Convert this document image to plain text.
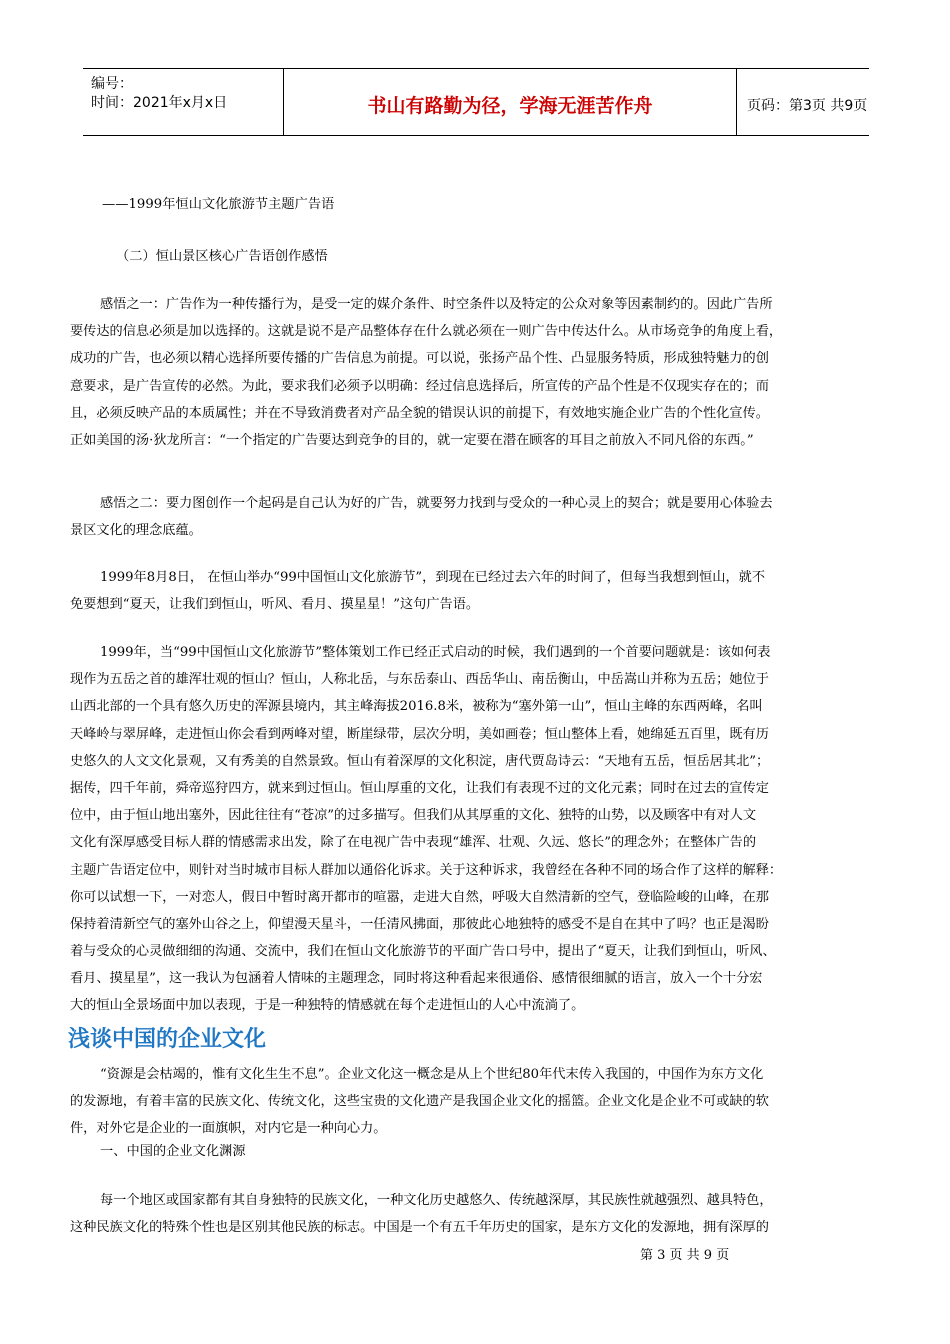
编号：
时间：2021年x月x日	书山有路勤为径，学海无涯苦作舟	页码：第3页 共9页
——1999年恒山文化旅游节主题广告语
（二）恒山景区核心广告语创作感悟
感悟之一：广告作为一种传播行为，是受一定的媒介条件、时空条件以及特定的公众对象等因素制约的。因此广告所
要传达的信息必须是加以选择的。这就是说不是产品整体存在什么就必须在一则广告中传达什么。从市场竞争的角度上看，
成功的广告，也必须以精心选择所要传播的广告信息为前提。可以说，张扬产品个性、凸显服务特质，形成独特魅力的创
意要求，是广告宣传的必然。为此，要求我们必须予以明确：经过信息选择后，所宣传的产品个性是不仅现实存在的；而
且，必须反映产品的本质属性；并在不导致消费者对产品全貌的错误认识的前提下，有效地实施企业广告的个性化宣传。
正如美国的汤·狄龙所言：“一个指定的广告要达到竞争的目的，就一定要在潜在顾客的耳目之前放入不同凡俗的东西。”
感悟之二：要力图创作一个起码是自己认为好的广告，就要努力找到与受众的一种心灵上的契合；就是要用心体验去
景区文化的理念底蕴。
1999年8月8日， 在恒山举办“99中国恒山文化旅游节”，到现在已经过去六年的时间了，但每当我想到恒山，就不
免要想到“夏天，让我们到恒山，听风、看月、摸星星！”这句广告语。
1999年，当“99中国恒山文化旅游节”整体策划工作已经正式启动的时候，我们遇到的一个首要问题就是：该如何表
现作为五岳之首的雄浑壮观的恒山？恒山，人称北岳，与东岳泰山、西岳华山、南岳衡山，中岳嵩山并称为五岳；她位于
山西北部的一个具有悠久历史的浑源县境内，其主峰海拔2016.8米，被称为“塞外第一山”，恒山主峰的东西两峰，名叫
天峰岭与翠屏峰，走进恒山你会看到两峰对望，断崖绿带，层次分明，美如画卷；恒山整体上看，她绵延五百里，既有历
史悠久的人文文化景观，又有秀美的自然景致。恒山有着深厚的文化积淀，唐代贾岛诗云：“天地有五岳，恒岳居其北”；
据传，四千年前，舜帝巡狩四方，就来到过恒山。恒山厚重的文化，让我们有表现不过的文化元素；同时在过去的宣传定
位中，由于恒山地出塞外，因此往往有“苍凉”的过多描写。但我们从其厚重的文化、独特的山势，以及顾客中有对人文
文化有深厚感受目标人群的情感需求出发，除了在电视广告中表现“雄浑、壮观、久远、悠长”的理念外；在整体广告的
主题广告语定位中，则针对当时城市目标人群加以通俗化诉求。关于这种诉求，我曾经在各种不同的场合作了这样的解释：
你可以试想一下，一对恋人，假日中暂时离开都市的喧嚣，走进大自然，呼吸大自然清新的空气，登临险峻的山峰，在那
保持着清新空气的塞外山谷之上，仰望漫天星斗，一任清风拂面，那彼此心地独特的感受不是自在其中了吗？也正是渴盼
着与受众的心灵做细细的沟通、交流中，我们在恒山文化旅游节的平面广告口号中，提出了“夏天，让我们到恒山，听风、
看月、摸星星”，这一我认为包涵着人情味的主题理念，同时将这种看起来很通俗、感情很细腻的语言，放入一个十分宏
大的恒山全景场面中加以表现，于是一种独特的情感就在每个走进恒山的人心中流淌了。
浅谈中国的企业文化
“资源是会枯竭的，惟有文化生生不息”。企业文化这一概念是从上个世纪80年代末传入我国的，中国作为东方文化
的发源地，有着丰富的民族文化、传统文化，这些宝贵的文化遗产是我国企业文化的摇篮。企业文化是企业不可或缺的软
件，对外它是企业的一面旗帜，对内它是一种向心力。
一、中国的企业文化渊源
每一个地区或国家都有其自身独特的民族文化，一种文化历史越悠久、传统越深厚，其民族性就越强烈、越具特色，
这种民族文化的特殊个性也是区别其他民族的标志。中国是一个有五千年历史的国家，是东方文化的发源地，拥有深厚的
第 3 页 共 9 页
